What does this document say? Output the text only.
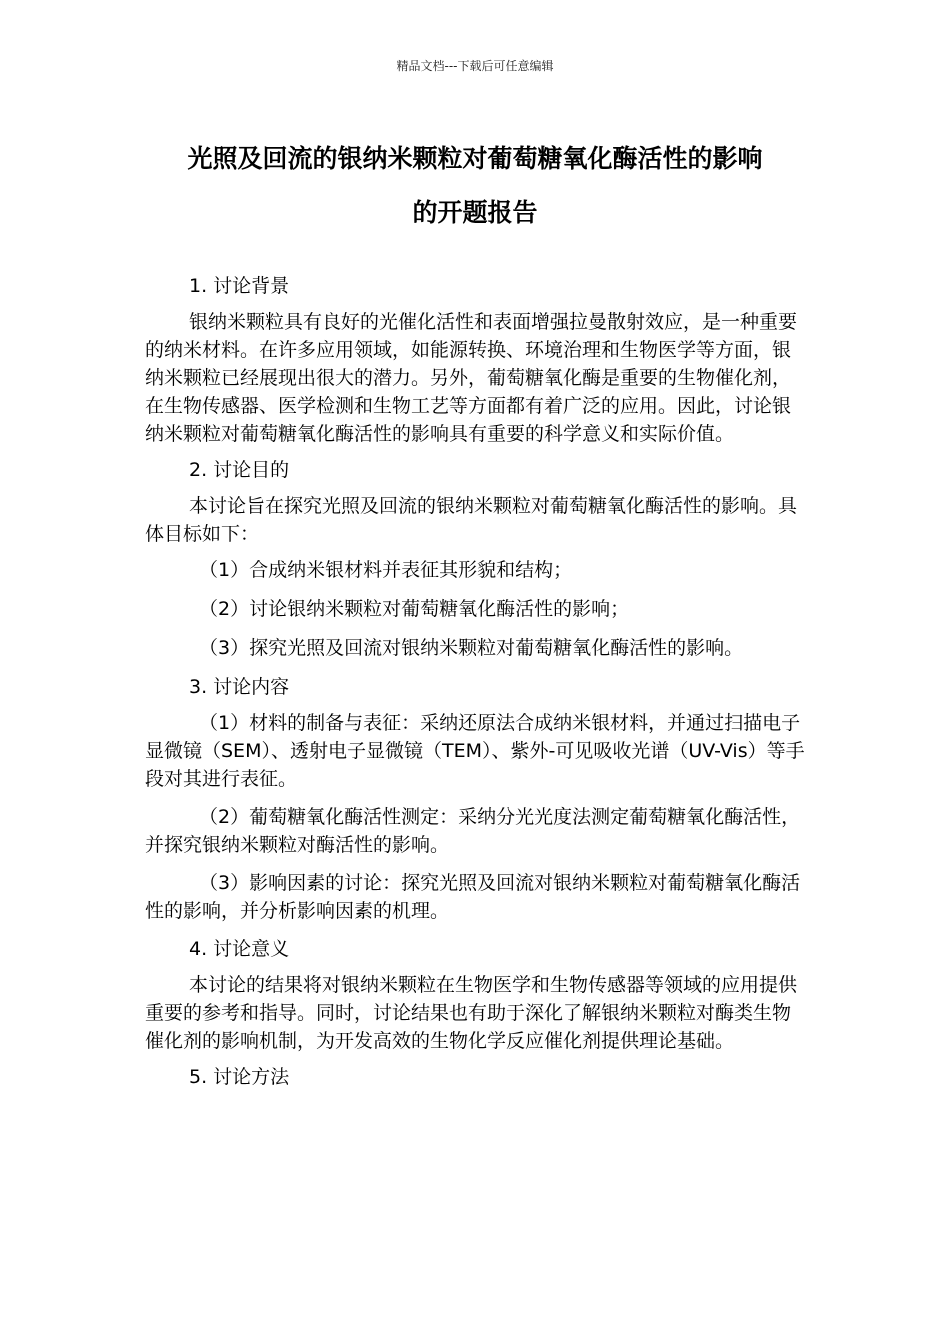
精品文档---下载后可任意编辑
光照及回流的银纳米颗粒对葡萄糖氧化酶活性的影响
的开题报告

1. 讨论背景

银纳米颗粒具有良好的光催化活性和表面增强拉曼散射效应，是一种重要的纳米材料。在许多应用领域，如能源转换、环境治理和生物医学等方面，银纳米颗粒已经展现出很大的潜力。另外，葡萄糖氧化酶是重要的生物催化剂，在生物传感器、医学检测和生物工艺等方面都有着广泛的应用。因此，讨论银纳米颗粒对葡萄糖氧化酶活性的影响具有重要的科学意义和实际价值。

2. 讨论目的

本讨论旨在探究光照及回流的银纳米颗粒对葡萄糖氧化酶活性的影响。具体目标如下：

（1）合成纳米银材料并表征其形貌和结构；

（2）讨论银纳米颗粒对葡萄糖氧化酶活性的影响；

（3）探究光照及回流对银纳米颗粒对葡萄糖氧化酶活性的影响。

3. 讨论内容

（1）材料的制备与表征：采纳还原法合成纳米银材料，并通过扫描电子显微镜（SEM）、透射电子显微镜（TEM）、紫外-可见吸收光谱（UV-Vis）等手段对其进行表征。

（2）葡萄糖氧化酶活性测定：采纳分光光度法测定葡萄糖氧化酶活性，并探究银纳米颗粒对酶活性的影响。

（3）影响因素的讨论：探究光照及回流对银纳米颗粒对葡萄糖氧化酶活性的影响，并分析影响因素的机理。

4. 讨论意义

本讨论的结果将对银纳米颗粒在生物医学和生物传感器等领域的应用提供重要的参考和指导。同时，讨论结果也有助于深化了解银纳米颗粒对酶类生物催化剂的影响机制，为开发高效的生物化学反应催化剂提供理论基础。

5. 讨论方法
